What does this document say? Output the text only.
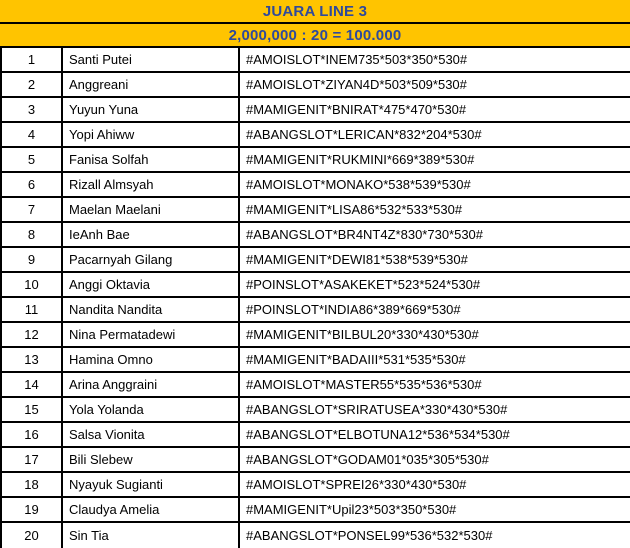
JUARA LINE 3
2,000,000 : 20 = 100.000
1	Santi Putei	#AMOISLOT*INEM735*503*350*530#
2	Anggreani	#AMOISLOT*ZIYAN4D*503*509*530#
3	Yuyun Yuna	#MAMIGENIT*BNIRAT*475*470*530#
4	Yopi Ahiww	#ABANGSLOT*LERICAN*832*204*530#
5	Fanisa Solfah	#MAMIGENIT*RUKMINI*669*389*530#
6	Rizall Almsyah	#AMOISLOT*MONAKO*538*539*530#
7	Maelan Maelani	#MAMIGENIT*LISA86*532*533*530#
8	IeAnh Bae	#ABANGSLOT*BR4NT4Z*830*730*530#
9	Pacarnyah Gilang	#MAMIGENIT*DEWI81*538*539*530#
10	Anggi Oktavia	#POINSLOT*ASAKEKET*523*524*530#
11	Nandita Nandita	#POINSLOT*INDIA86*389*669*530#
12	Nina Permatadewi	#MAMIGENIT*BILBUL20*330*430*530#
13	Hamina Omno	#MAMIGENIT*BADAIII*531*535*530#
14	Arina Anggraini	#AMOISLOT*MASTER55*535*536*530#
15	Yola Yolanda	#ABANGSLOT*SRIRATUSEA*330*430*530#
16	Salsa Vionita	#ABANGSLOT*ELBOTUNA12*536*534*530#
17	Bili Slebew	#ABANGSLOT*GODAM01*035*305*530#
18	Nyayuk Sugianti	#AMOISLOT*SPREI26*330*430*530#
19	Claudya Amelia	#MAMIGENIT*Upil23*503*350*530#
20	Sin Tia	#ABANGSLOT*PONSEL99*536*532*530#
